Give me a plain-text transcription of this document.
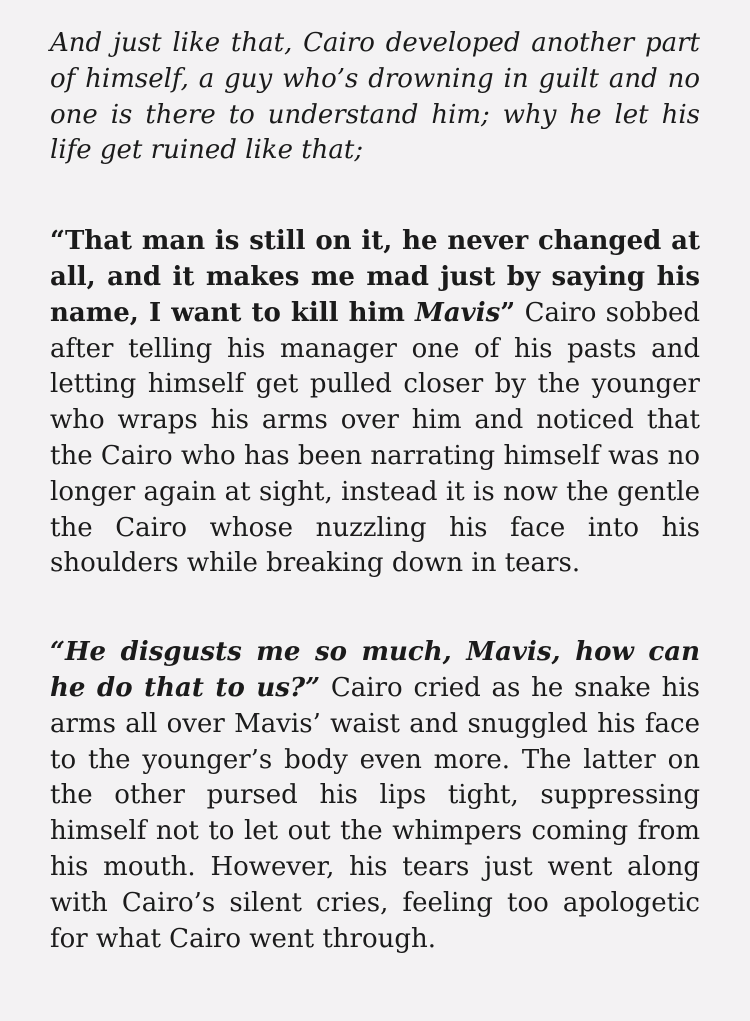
And just like that, Cairo developed another part of himself, a guy who’s drowning in guilt and no one is there to understand him; why he let his life get ruined like that;

“That man is still on it, he never changed at all, and it makes me mad just by saying his name, I want to kill him Mavis” Cairo sobbed after telling his manager one of his pasts and letting himself get pulled closer by the younger who wraps his arms over him and noticed that the Cairo who has been narrating himself was no longer again at sight, instead it is now the gentle the Cairo whose nuzzling his face into his shoulders while breaking down in tears.

“He disgusts me so much, Mavis, how can he do that to us?” Cairo cried as he snake his arms all over Mavis’ waist and snuggled his face to the younger’s body even more. The latter on the other pursed his lips tight, suppressing himself not to let out the whimpers coming from his mouth. However, his tears just went along with Cairo’s silent cries, feeling too apologetic for what Cairo went through.
